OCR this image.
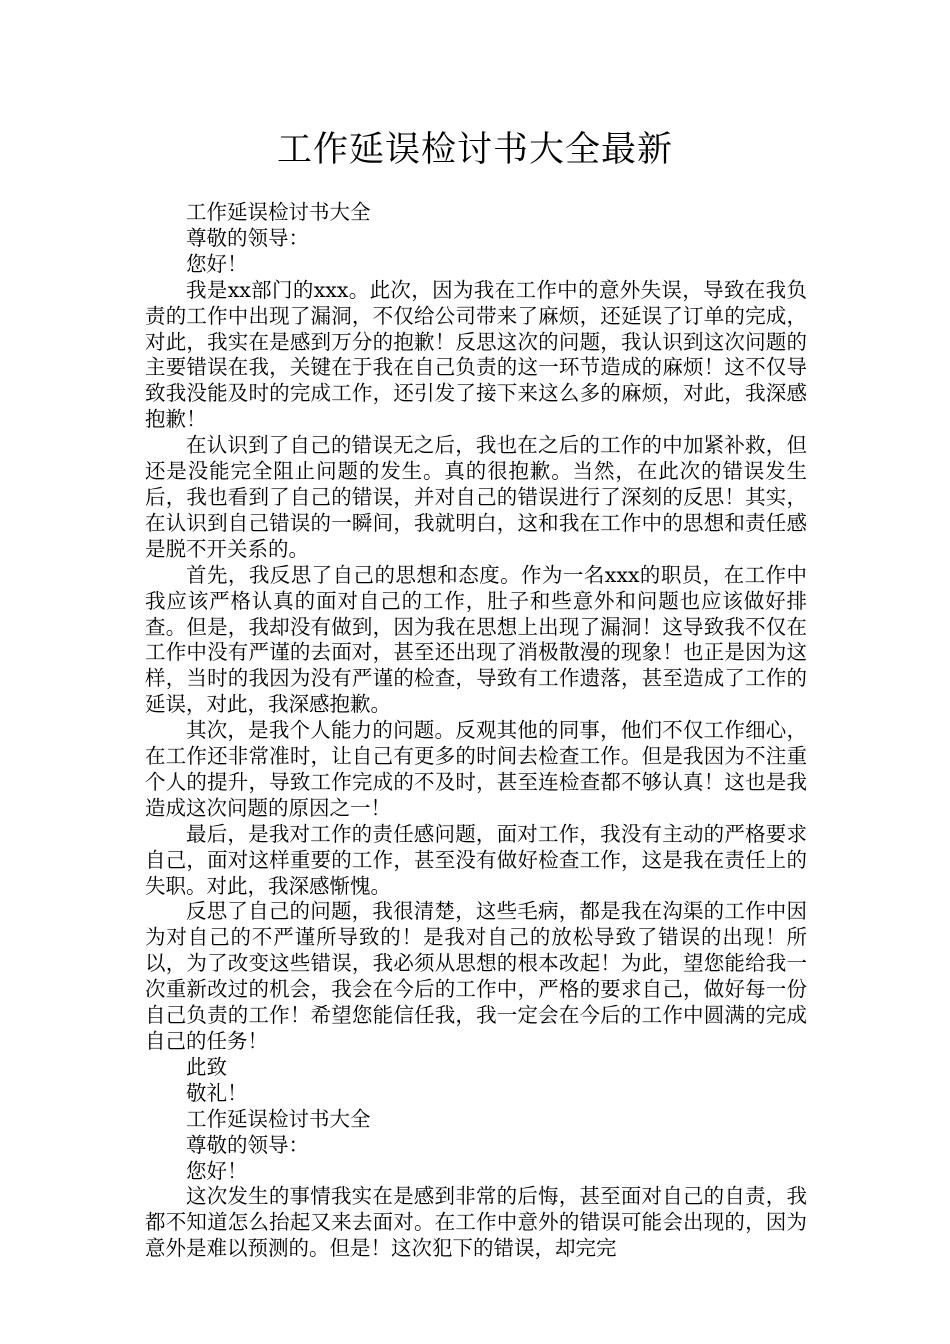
工作延误检讨书大全最新

工作延误检讨书大全

尊敬的领导：

您好！

我是xx部门的xxx。此次，因为我在工作中的意外失误，导致在我负责的工作中出现了漏洞，不仅给公司带来了麻烦，还延误了订单的完成，对此，我实在是感到万分的抱歉！反思这次的问题，我认识到这次问题的主要错误在我，关键在于我在自己负责的这一环节造成的麻烦！这不仅导致我没能及时的完成工作，还引发了接下来这么多的麻烦，对此，我深感抱歉！

在认识到了自己的错误无之后，我也在之后的工作的中加紧补救，但还是没能完全阻止问题的发生。真的很抱歉。当然，在此次的错误发生后，我也看到了自己的错误，并对自己的错误进行了深刻的反思！其实，在认识到自己错误的一瞬间，我就明白，这和我在工作中的思想和责任感是脱不开关系的。

首先，我反思了自己的思想和态度。作为一名xxx的职员，在工作中我应该严格认真的面对自己的工作，肚子和些意外和问题也应该做好排查。但是，我却没有做到，因为我在思想上出现了漏洞！这导致我不仅在工作中没有严谨的去面对，甚至还出现了消极散漫的现象！也正是因为这样，当时的我因为没有严谨的检查，导致有工作遗落，甚至造成了工作的延误，对此，我深感抱歉。

其次，是我个人能力的问题。反观其他的同事，他们不仅工作细心，在工作还非常准时，让自己有更多的时间去检查工作。但是我因为不注重个人的提升，导致工作完成的不及时，甚至连检查都不够认真！这也是我造成这次问题的原因之一！

最后，是我对工作的责任感问题，面对工作，我没有主动的严格要求自己，面对这样重要的工作，甚至没有做好检查工作，这是我在责任上的失职。对此，我深感惭愧。

反思了自己的问题，我很清楚，这些毛病，都是我在沟渠的工作中因为对自己的不严谨所导致的！是我对自己的放松导致了错误的出现！所以，为了改变这些错误，我必须从思想的根本改起！为此，望您能给我一次重新改过的机会，我会在今后的工作中，严格的要求自己，做好每一份自己负责的工作！希望您能信任我，我一定会在今后的工作中圆满的完成自己的任务！

此致

敬礼！

工作延误检讨书大全

尊敬的领导：

您好！

这次发生的事情我实在是感到非常的后悔，甚至面对自己的自责，我都不知道怎么抬起又来去面对。在工作中意外的错误可能会出现的，因为意外是难以预测的。但是！这次犯下的错误，却完完
